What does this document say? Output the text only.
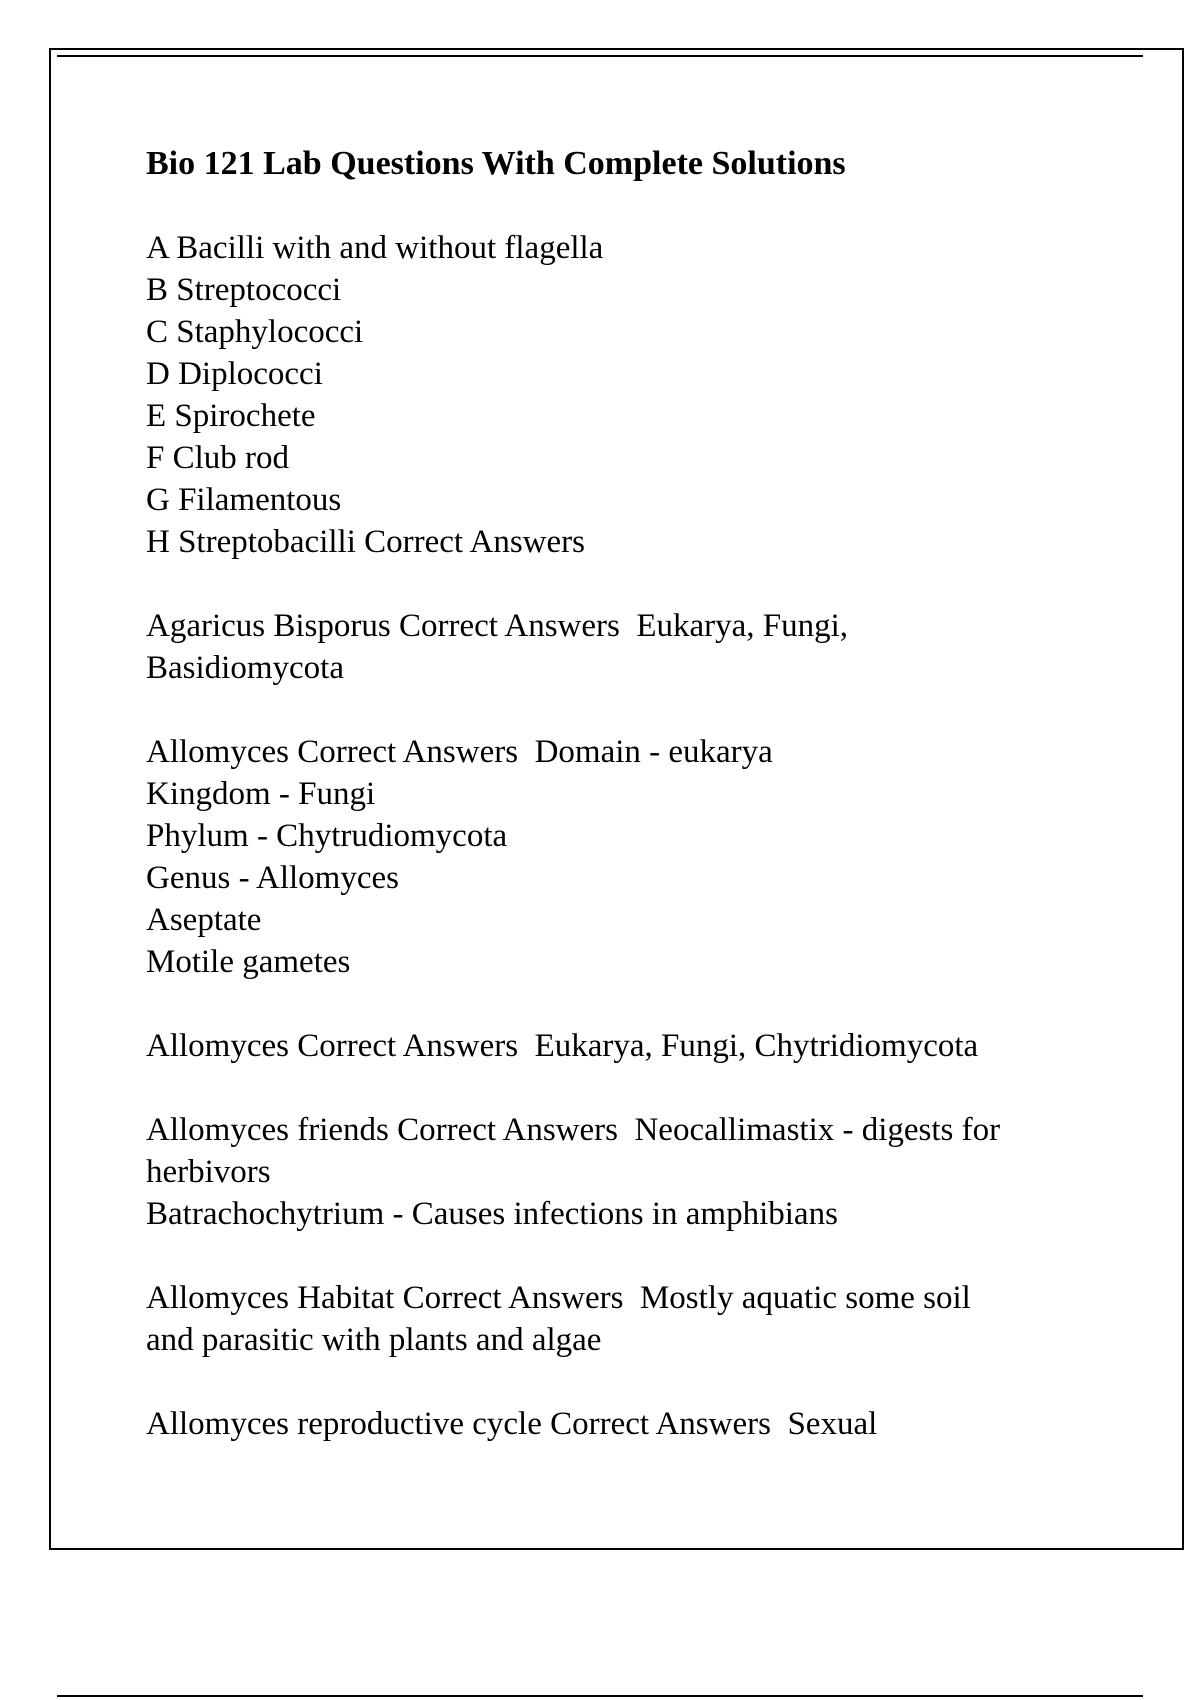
Bio 121 Lab Questions With Complete Solutions
A Bacilli with and without flagella
B Streptococci
C Staphylococci
D Diplococci
E Spirochete
F Club rod
G Filamentous
H Streptobacilli Correct Answers
Agaricus Bisporus Correct Answers  Eukarya, Fungi,
Basidiomycota
Allomyces Correct Answers  Domain - eukarya
Kingdom - Fungi
Phylum - Chytrudiomycota
Genus - Allomyces
Aseptate
Motile gametes
Allomyces Correct Answers  Eukarya, Fungi, Chytridiomycota
Allomyces friends Correct Answers  Neocallimastix - digests for
herbivors
Batrachochytrium - Causes infections in amphibians
Allomyces Habitat Correct Answers  Mostly aquatic some soil
and parasitic with plants and algae
Allomyces reproductive cycle Correct Answers  Sexual
